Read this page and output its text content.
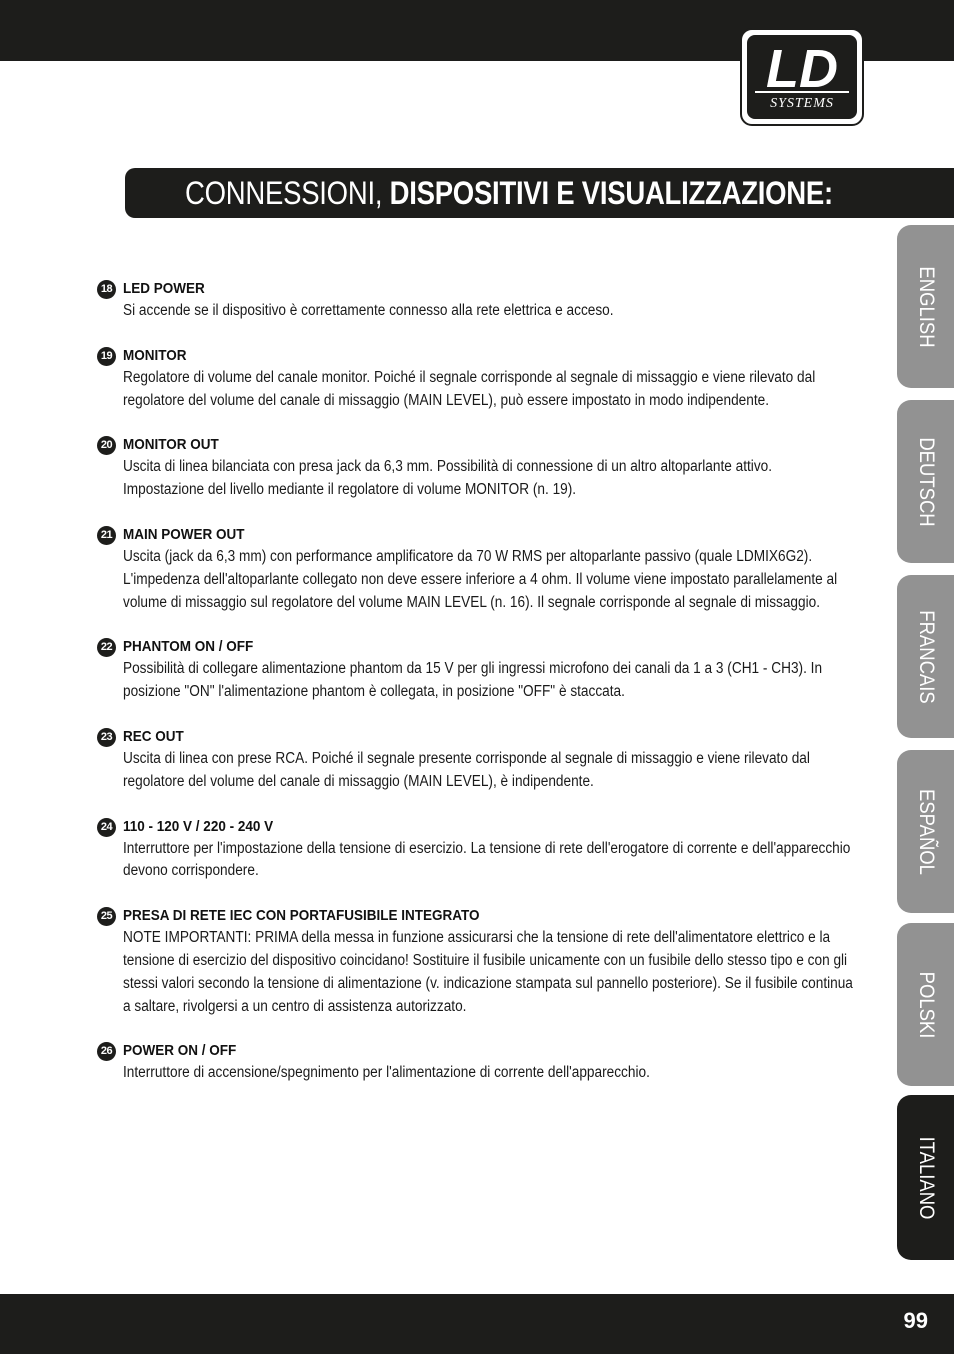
LD
SYSTEMS
CONNESSIONI, DISPOSITIVI E VISUALIZZAZIONE:
18 LED POWER
Si accende se il dispositivo è correttamente connesso alla rete elettrica e acceso.
19 MONITOR
Regolatore di volume del canale monitor. Poiché il segnale corrisponde al segnale di missaggio e viene rilevato dal regolatore del volume del canale di missaggio (MAIN LEVEL), può essere impostato in modo indipendente.
20 MONITOR OUT
Uscita di linea bilanciata con presa jack da 6,3 mm. Possibilità di connessione di un altro altoparlante attivo. Impostazione del livello mediante il regolatore di volume MONITOR (n. 19).
21 MAIN POWER OUT
Uscita (jack da 6,3 mm) con performance amplificatore da 70 W RMS per altoparlante passivo (quale LDMIX6G2). L'impedenza dell'altoparlante collegato non deve essere inferiore a 4 ohm. Il volume viene impostato parallelamente al volume di missaggio sul regolatore del volume MAIN LEVEL (n. 16). Il segnale corrisponde al segnale di missaggio.
22 PHANTOM ON / OFF
Possibilità di collegare alimentazione phantom da 15 V per gli ingressi microfono dei canali da 1 a 3 (CH1 - CH3). In posizione "ON" l'alimentazione phantom è collegata, in posizione "OFF" è staccata.
23 REC OUT
Uscita di linea con prese RCA. Poiché il segnale presente corrisponde al segnale di missaggio e viene rilevato dal regolatore del volume del canale di missaggio (MAIN LEVEL), è indipendente.
24 110 - 120 V / 220 - 240 V
Interruttore per l'impostazione della tensione di esercizio. La tensione di rete dell'erogatore di corrente e dell'apparecchio devono corrispondere.
25 PRESA DI RETE IEC CON PORTAFUSIBILE INTEGRATO
NOTE IMPORTANTI: PRIMA della messa in funzione assicurarsi che la tensione di rete dell'alimentatore elettrico e la tensione di esercizio del dispositivo coincidano! Sostituire il fusibile unicamente con un fusibile dello stesso tipo e con gli stessi valori secondo la tensione di alimentazione (v. indicazione stampata sul pannello posteriore). Se il fusibile continua a saltare, rivolgersi a un centro di assistenza autorizzato.
26 POWER ON / OFF
Interruttore di accensione/spegnimento per l'alimentazione di corrente dell'apparecchio.
ENGLISH
DEUTSCH
FRANCAIS
ESPAÑOL
POLSKI
ITALIANO
99
